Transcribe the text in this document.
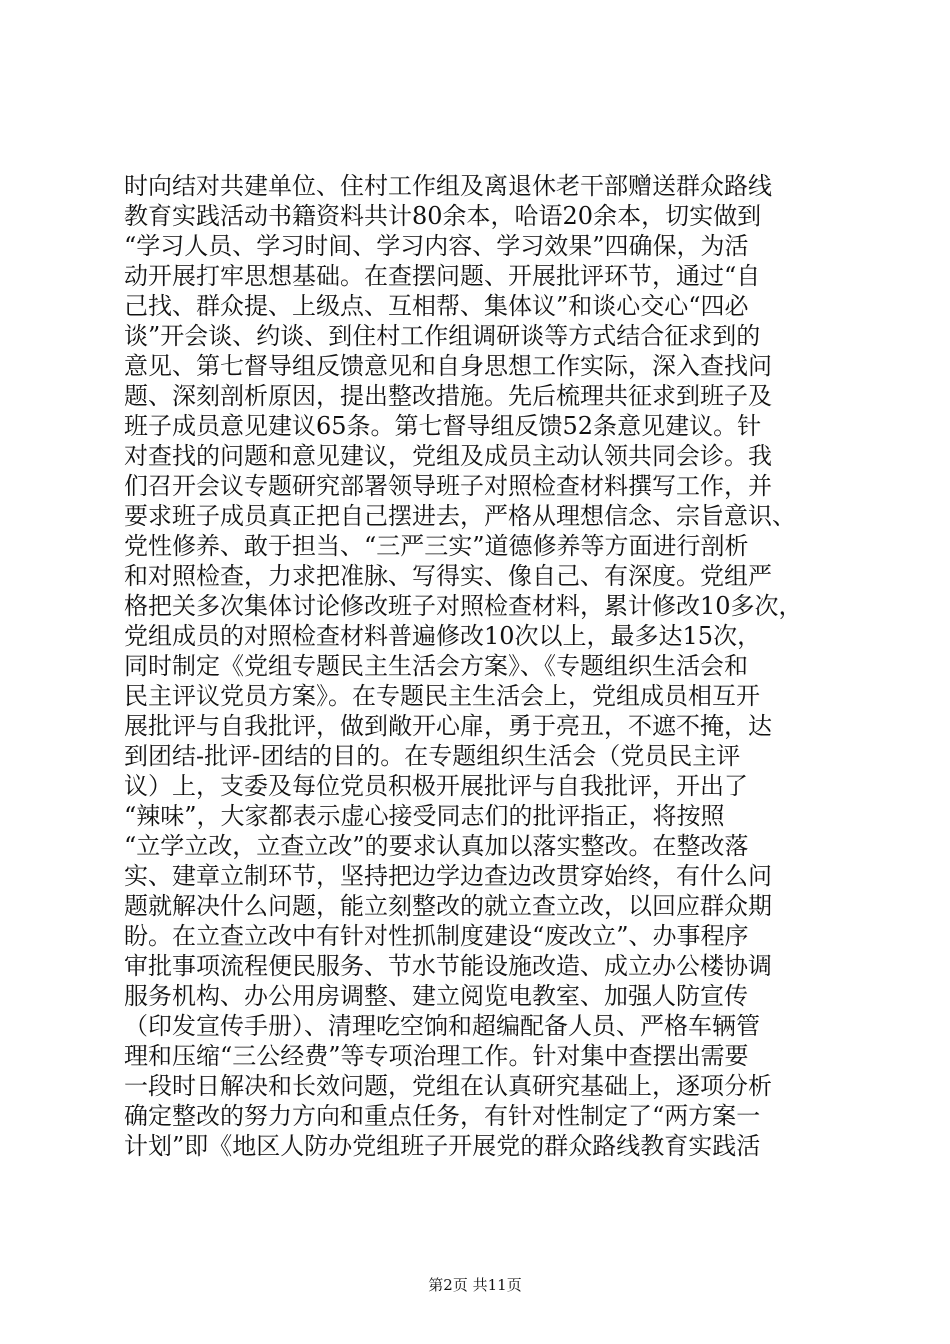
时向结对共建单位、住村工作组及离退休老干部赠送群众路线
教育实践活动书籍资料共计80余本，哈语20余本，切实做到
“学习人员、学习时间、学习内容、学习效果”四确保，为活
动开展打牢思想基础。在查摆问题、开展批评环节，通过“自
己找、群众提、上级点、互相帮、集体议”和谈心交心“四必
谈”开会谈、约谈、到住村工作组调研谈等方式结合征求到的
意见、第七督导组反馈意见和自身思想工作实际，深入查找问
题、深刻剖析原因，提出整改措施。先后梳理共征求到班子及
班子成员意见建议65条。第七督导组反馈52条意见建议。针
对查找的问题和意见建议，党组及成员主动认领共同会诊。我
们召开会议专题研究部署领导班子对照检查材料撰写工作，并
要求班子成员真正把自己摆进去，严格从理想信念、宗旨意识、
党性修养、敢于担当、“三严三实”道德修养等方面进行剖析
和对照检查，力求把准脉、写得实、像自己、有深度。党组严
格把关多次集体讨论修改班子对照检查材料，累计修改10多次，
党组成员的对照检查材料普遍修改10次以上，最多达15次，
同时制定《党组专题民主生活会方案》、《专题组织生活会和
民主评议党员方案》。在专题民主生活会上，党组成员相互开
展批评与自我批评，做到敞开心扉，勇于亮丑，不遮不掩，达
到团结-批评-团结的目的。在专题组织生活会（党员民主评
议）上，支委及每位党员积极开展批评与自我批评，开出了
“辣味”，大家都表示虚心接受同志们的批评指正，将按照
“立学立改，立查立改”的要求认真加以落实整改。在整改落
实、建章立制环节，坚持把边学边查边改贯穿始终，有什么问
题就解决什么问题，能立刻整改的就立查立改，以回应群众期
盼。在立查立改中有针对性抓制度建设“废改立”、办事程序
审批事项流程便民服务、节水节能设施改造、成立办公楼协调
服务机构、办公用房调整、建立阅览电教室、加强人防宣传
（印发宣传手册）、清理吃空饷和超编配备人员、严格车辆管
理和压缩“三公经费”等专项治理工作。针对集中查摆出需要
一段时日解决和长效问题，党组在认真研究基础上，逐项分析
确定整改的努力方向和重点任务，有针对性制定了“两方案一
计划”即《地区人防办党组班子开展党的群众路线教育实践活
第2页 共11页
